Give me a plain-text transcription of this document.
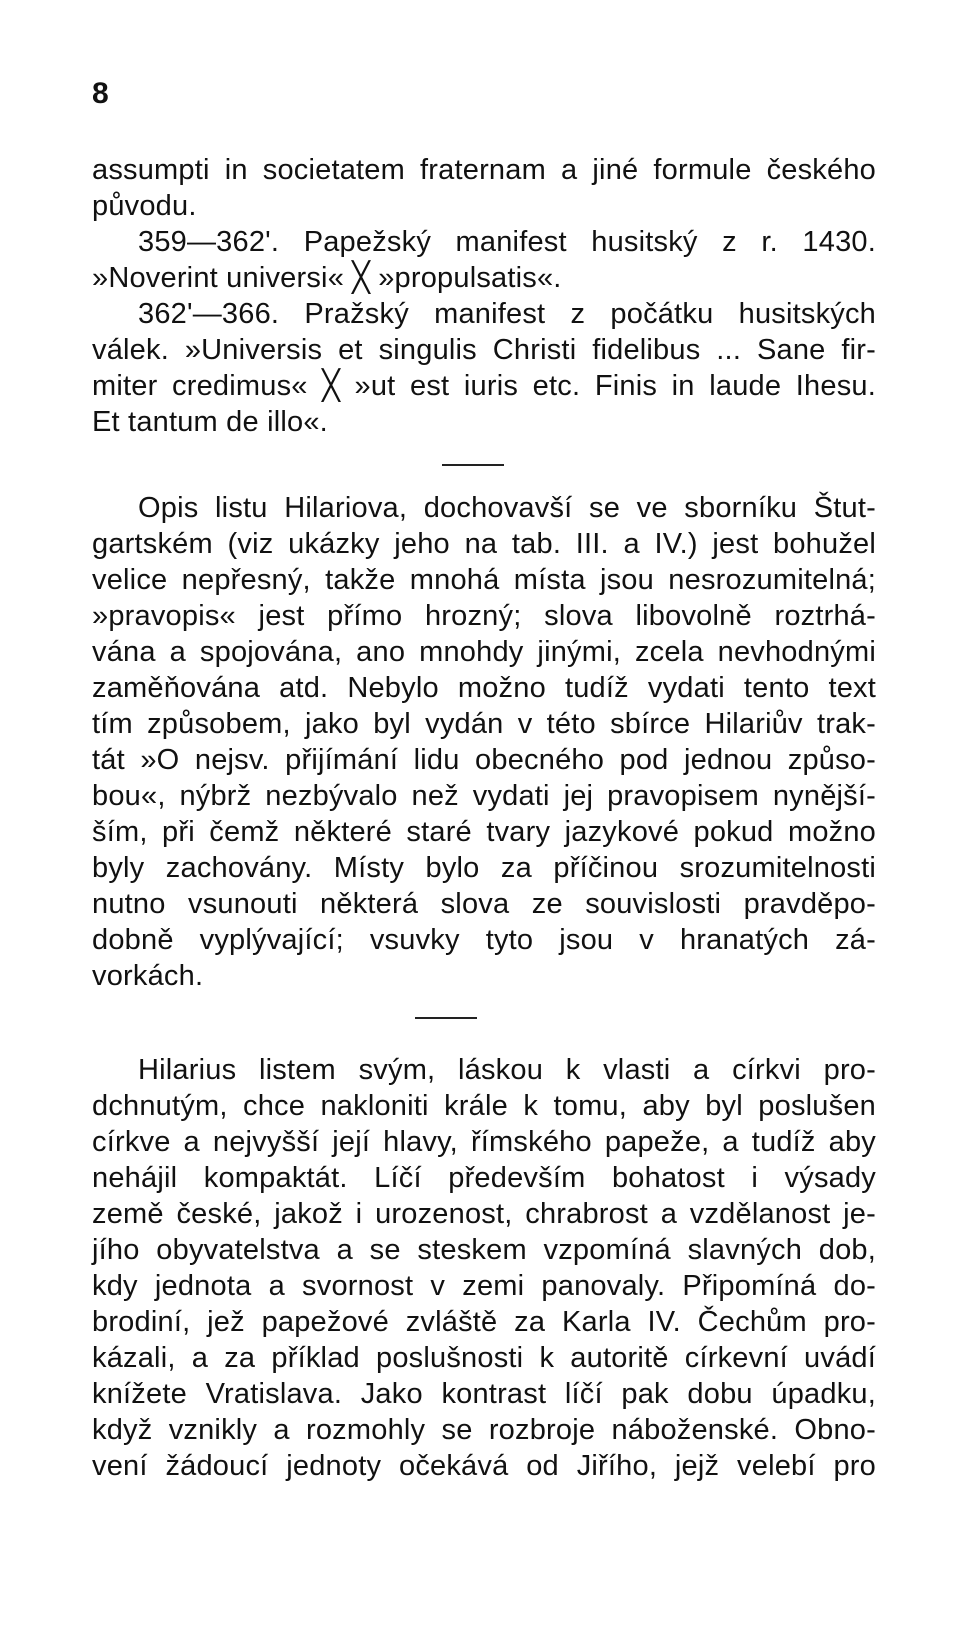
8
assumpti in societatem fraternam a jiné formule českého
původu.
359—362'. Papežský manifest husitský z r. 1430.
»Noverint universi« ╳ »propulsatis«.
362'—366. Pražský manifest z počátku husitských
válek. »Universis et singulis Christi fidelibus ... Sane fir-
miter credimus« ╳ »ut est iuris etc. Finis in laude Ihesu.
Et tantum de illo«.
Opis listu Hilariova, dochovavší se ve sborníku Štut-
gartském (viz ukázky jeho na tab. III. a IV.) jest bohužel
velice nepřesný, takže mnohá místa jsou nesrozumitelná;
»pravopis« jest přímo hrozný; slova libovolně roztrhá-
vána a spojována, ano mnohdy jinými, zcela nevhodnými
zaměňována atd. Nebylo možno tudíž vydati tento text
tím způsobem, jako byl vydán v této sbírce Hilariův trak-
tát »O nejsv. přijímání lidu obecného pod jednou způso-
bou«, nýbrž nezbývalo než vydati jej pravopisem nynější-
ším, při čemž některé staré tvary jazykové pokud možno
byly zachovány. Místy bylo za příčinou srozumitelnosti
nutno vsunouti některá slova ze souvislosti pravděpo-
dobně vyplývající; vsuvky tyto jsou v hranatých zá-
vorkách.
Hilarius listem svým, láskou k vlasti a církvi pro-
dchnutým, chce nakloniti krále k tomu, aby byl poslušen
církve a nejvyšší její hlavy, římského papeže, a tudíž aby
nehájil kompaktát. Líčí především bohatost i výsady
země české, jakož i urozenost, chrabrost a vzdělanost je-
jího obyvatelstva a se steskem vzpomíná slavných dob,
kdy jednota a svornost v zemi panovaly. Připomíná do-
brodiní, jež papežové zvláště za Karla IV. Čechům pro-
kázali, a za příklad poslušnosti k autoritě církevní uvádí
knížete Vratislava. Jako kontrast líčí pak dobu úpadku,
když vznikly a rozmohly se rozbroje náboženské. Obno-
vení žádoucí jednoty očekává od Jiřího, jejž velebí pro
